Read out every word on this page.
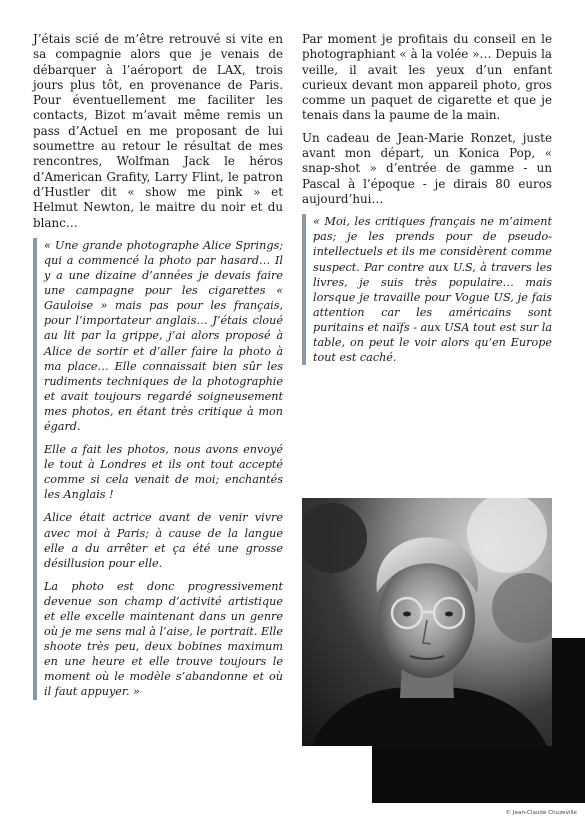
J’étais scié de m’être retrouvé si vite en sa compagnie alors que je venais de débarquer à l’aéroport de LAX, trois jours plus tôt, en provenance de Paris. Pour éventuellement me faciliter les contacts, Bizot m’avait même remis un pass d’Actuel en me proposant de lui soumettre au retour le résultat de mes rencontres, Wolfman Jack le héros d’American Grafity, Larry Flint, le patron d’Hustler dit « show me pink » et Helmut Newton, le maitre du noir et du blanc…

« Une grande photographe Alice Springs; qui a commencé la photo par hasard… Il y a une dizaine d’années je devais faire une campagne pour les cigarettes « Gauloise » mais pas pour les français, pour l’importateur anglais… J’étais cloué au lit par la grippe, j’ai alors proposé à Alice de sortir et d’aller faire la photo à ma place… Elle connaissait bien sûr les rudiments techniques de la photographie et avait toujours regardé soigneusement mes photos, en étant très critique à mon égard.

Elle a fait les photos, nous avons envoyé le tout à Londres et ils ont tout accepté comme si cela venait de moi; enchantés les Anglais !

Alice était actrice avant de venir vivre avec moi à Paris; à cause de la langue elle a du arrêter et ça été une grosse désillusion pour elle.

La photo est donc progressivement devenue son champ d’activité artistique et elle excelle maintenant dans un genre où je me sens mal à l’aise, le portrait. Elle shoote très peu, deux bobines maximum en une heure et elle trouve toujours le moment où le modèle s’abandonne et où il faut appuyer. »

Par moment je profitais du conseil en le photographiant « à la volée »… Depuis la veille, il avait les yeux d’un enfant curieux devant mon appareil photo, gros comme un paquet de cigarette et que je tenais dans la paume de la main.

Un cadeau de Jean-Marie Ronzet, juste avant mon départ, un Konica Pop, « snap-shot » d’entrée de gamme - un Pascal à l’époque - je dirais 80 euros aujourd’hui…

« Moi, les critiques français ne m’aiment pas; je les prends pour de pseudo-intellectuels et ils me considèrent comme suspect. Par contre aux U.S, à travers les livres, je suis très populaire… mais lorsque je travaille pour Vogue US, je fais attention car les américains sont puritains et naïfs - aux USA tout est sur la table, on peut le voir alors qu’en Europe tout est caché.

© Jean-Claude Chuzeville
